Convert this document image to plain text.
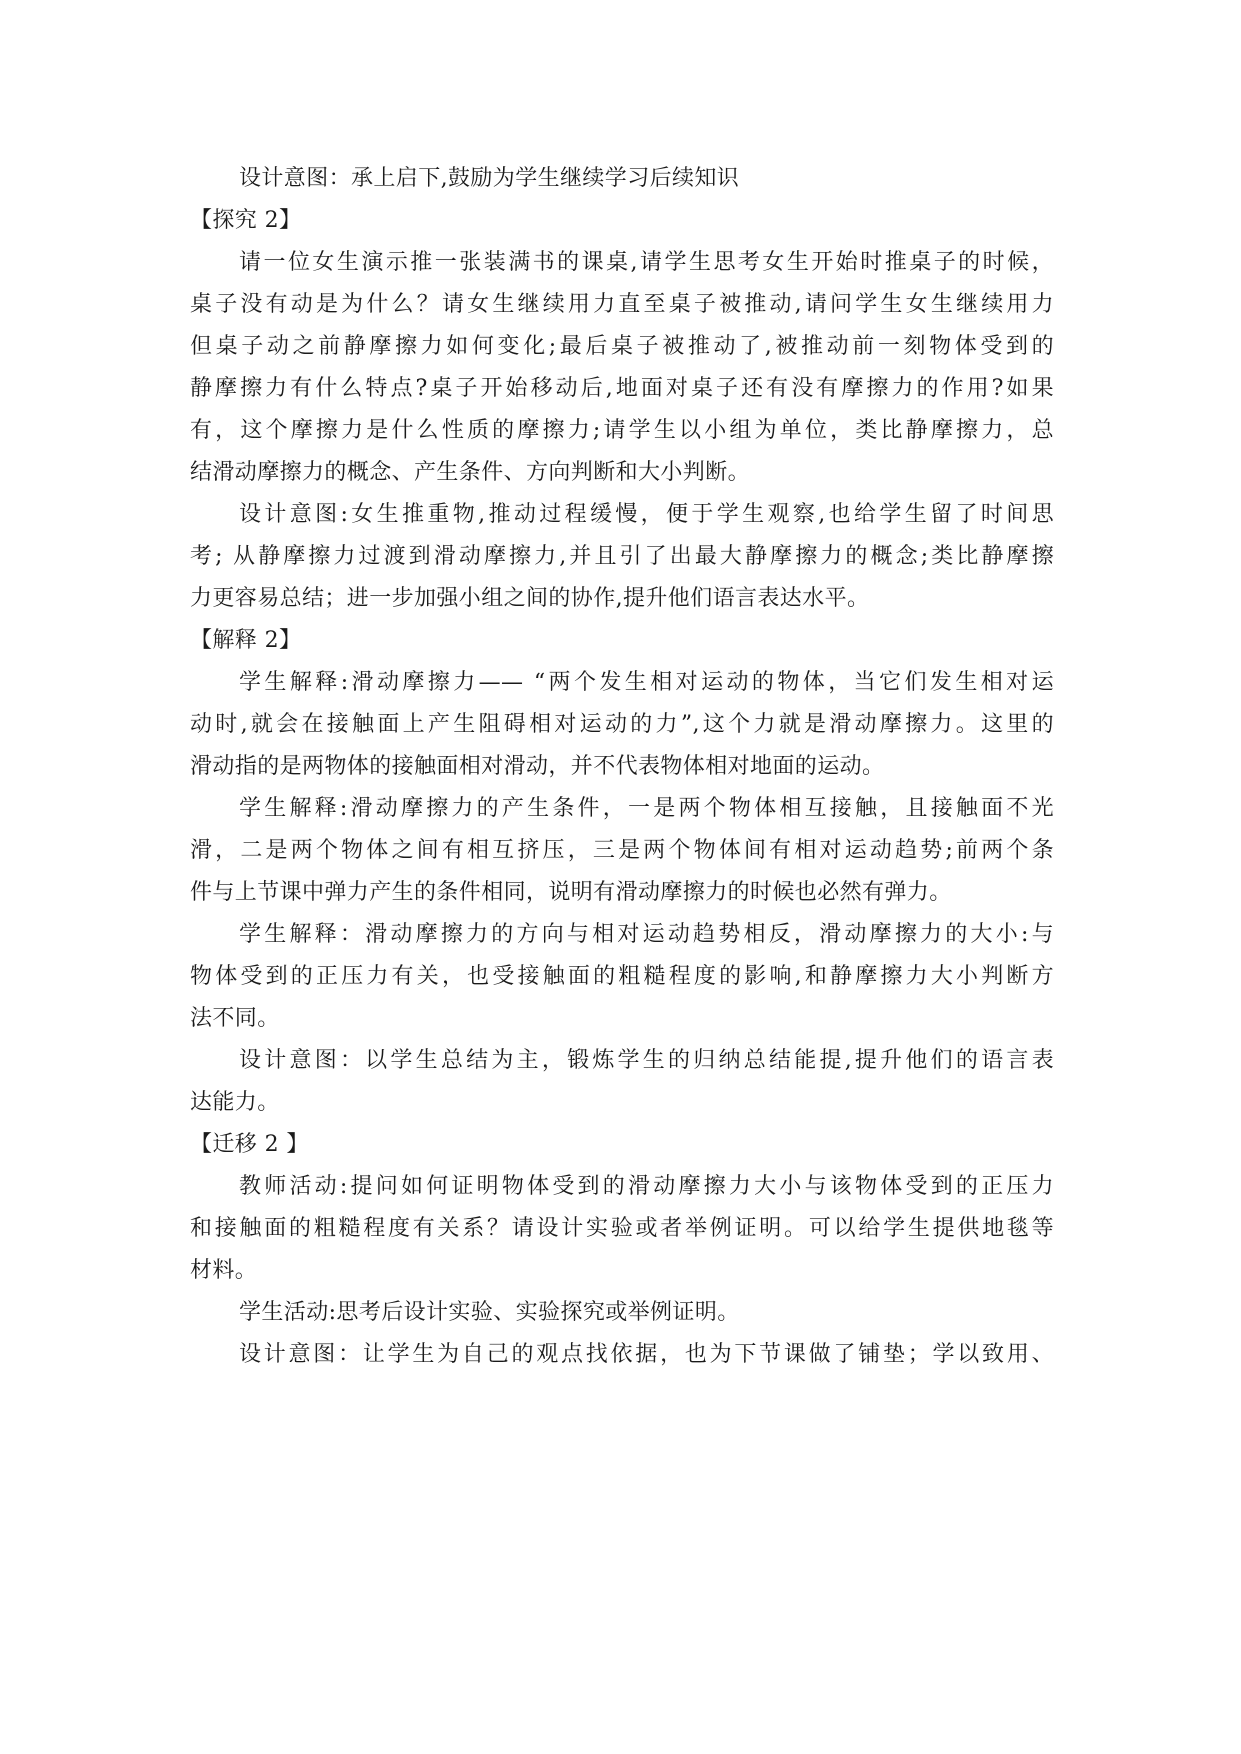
设计意图：承上启下,鼓励为学生继续学习后续知识
【探究 2】
请一位女生演示推一张装满书的课桌,请学生思考女生开始时推桌子的时候，
桌子没有动是为什么？请女生继续用力直至桌子被推动,请问学生女生继续用力
但桌子动之前静摩擦力如何变化;最后桌子被推动了,被推动前一刻物体受到的
静摩擦力有什么特点?桌子开始移动后,地面对桌子还有没有摩擦力的作用?如果
有，这个摩擦力是什么性质的摩擦力;请学生以小组为单位，类比静摩擦力，总
结滑动摩擦力的概念、产生条件、方向判断和大小判断。
设计意图:女生推重物,推动过程缓慢，便于学生观察,也给学生留了时间思
考; 从静摩擦力过渡到滑动摩擦力,并且引了出最大静摩擦力的概念;类比静摩擦
力更容易总结；进一步加强小组之间的协作,提升他们语言表达水平。
【解释 2】
学生解释:滑动摩擦力—— “两个发生相对运动的物体，当它们发生相对运
动时,就会在接触面上产生阻碍相对运动的力”,这个力就是滑动摩擦力。这里的
滑动指的是两物体的接触面相对滑动，并不代表物体相对地面的运动。
学生解释:滑动摩擦力的产生条件，一是两个物体相互接触，且接触面不光
滑，二是两个物体之间有相互挤压，三是两个物体间有相对运动趋势;前两个条
件与上节课中弹力产生的条件相同，说明有滑动摩擦力的时候也必然有弹力。
学生解释：滑动摩擦力的方向与相对运动趋势相反，滑动摩擦力的大小:与
物体受到的正压力有关，也受接触面的粗糙程度的影响,和静摩擦力大小判断方
法不同。
设计意图：以学生总结为主，锻炼学生的归纳总结能提,提升他们的语言表
达能力。
【迁移 2 】
教师活动:提问如何证明物体受到的滑动摩擦力大小与该物体受到的正压力
和接触面的粗糙程度有关系？请设计实验或者举例证明。可以给学生提供地毯等
材料。
学生活动:思考后设计实验、实验探究或举例证明。
设计意图：让学生为自己的观点找依据，也为下节课做了铺垫；学以致用、
